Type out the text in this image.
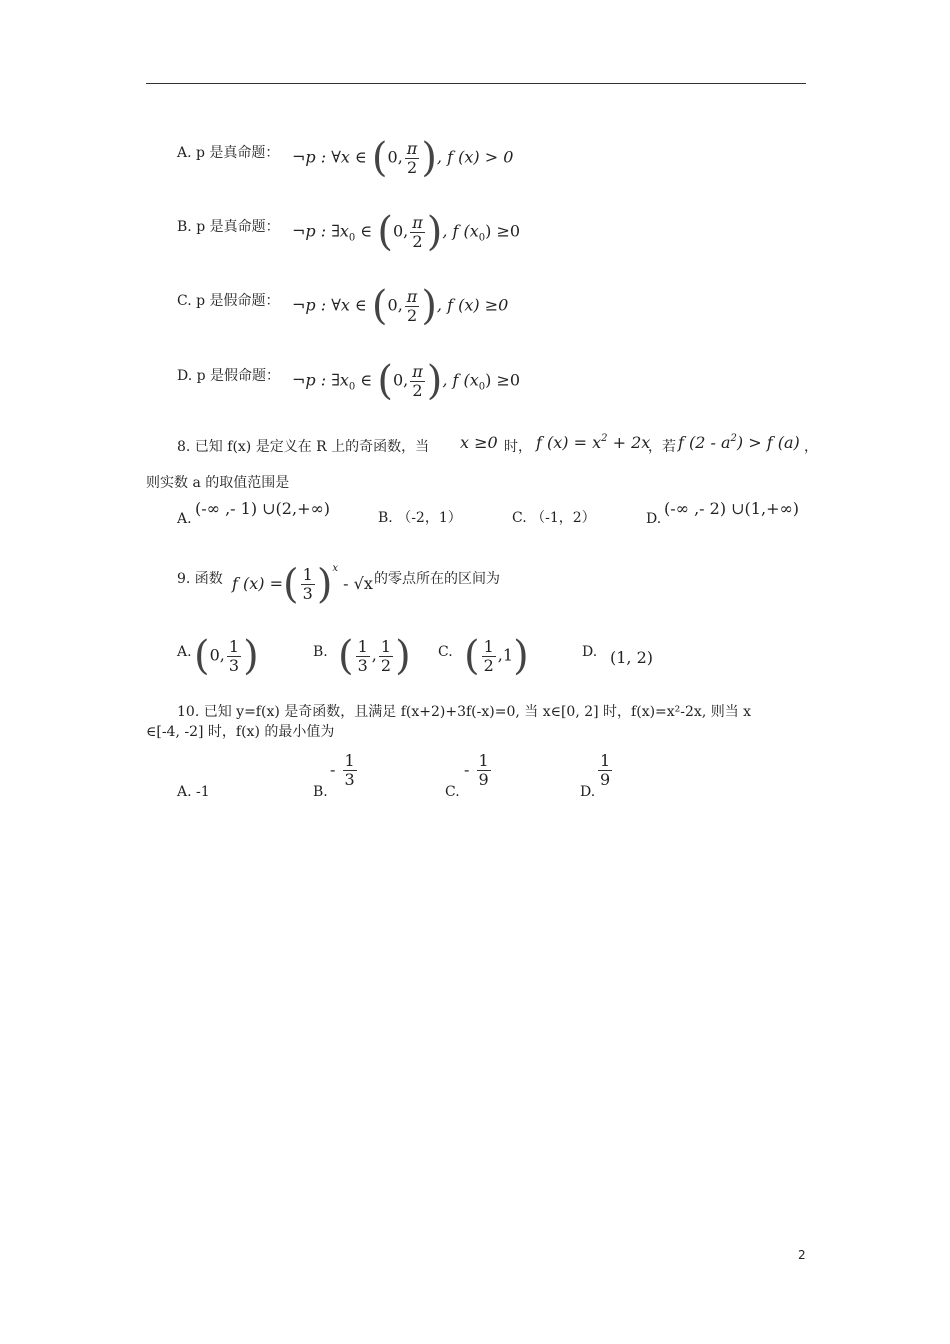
A. p 是真命题： ¬p : ∀x ∈ (0, $\frac{\pi}{2}$ ), f (x) > 0
B. p 是真命题： ¬p : $\exists x_0$ ∈ (0, $\frac{\pi}{2}$ ), f $(x_0) \ge 0$
C. p 是假命题： ¬p : ∀x ∈ (0, $\frac{\pi}{2}$ ), f (x) ≥0
D. p 是假命题： ¬p : $\exists x_0$ ∈ (0, $\frac{\pi}{2}$ ), f $(x_0) \ge 0$
8. 已知 f(x) 是定义在 R 上的奇函数，当 x ≥0 时， f $(x) = x^2 + 2x$
，若 f $(2 - a^2) > f$ (a) ，
则实数 a 的取值范围是
A.
(-∞ ,- 1) ∪(2,+∞)	B. （-2，1）	C. （-1，2）	D.
(-∞ ,- 2) ∪(1,+∞)
9. 函数 f (x) =( $\frac{1}{3} )^x - √x$ 的零点所在的区间为
A. (0, $\frac{1}{3}$ )	B. ( $\frac{1}{3}$ , $\frac{1}{2}$ ) C. ( $\frac{1}{2} ,1$)	D. (1, 2)
10. 已知 y=f(x) 是奇函数，且满足 f(x+2)+3f(-x)=0, 当 x∈[0, 2] 时，f(x)=x²-2x, 则当 x
∈[-4, -2] 时，f(x) 的最小值为
A. -1	B.
- $\frac{1}{3}$
C.
- $\frac{1}{9}$
D.
$\frac{1}{9}$
2
